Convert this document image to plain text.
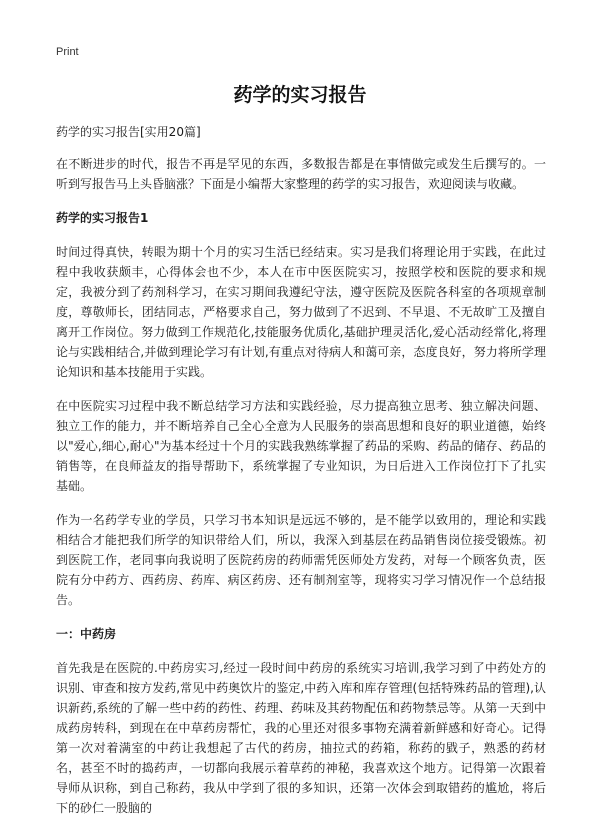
Print
药学的实习报告

药学的实习报告[实用20篇]

在不断进步的时代，报告不再是罕见的东西，多数报告都是在事情做完或发生后撰写的。一听到写报告马上头昏脑涨？下面是小编帮大家整理的药学的实习报告，欢迎阅读与收藏。

药学的实习报告1

时间过得真快，转眼为期十个月的实习生活已经结束。实习是我们将理论用于实践，在此过程中我收获颇丰，心得体会也不少，本人在市中医医院实习，按照学校和医院的要求和规定，我被分到了药剂科学习，在实习期间我遵纪守法，遵守医院及医院各科室的各项规章制度，尊敬师长，团结同志，严格要求自己，努力做到了不迟到、不早退、不无故旷工及擅自离开工作岗位。努力做到工作规范化,技能服务优质化,基础护理灵活化,爱心活动经常化,将理论与实践相结合,并做到理论学习有计划,有重点对待病人和蔼可亲，态度良好，努力将所学理论知识和基本技能用于实践。

在中医院实习过程中我不断总结学习方法和实践经验，尽力提高独立思考、独立解决问题、独立工作的能力，并不断培养自己全心全意为人民服务的崇高思想和良好的职业道德，始终以"爱心,细心,耐心"为基本经过十个月的实践我熟练掌握了药品的采购、药品的储存、药品的销售等，在良师益友的指导帮助下，系统掌握了专业知识，为日后进入工作岗位打下了扎实基础。

作为一名药学专业的学员，只学习书本知识是远远不够的，是不能学以致用的，理论和实践相结合才能把我们所学的知识带给人们，所以，我深入到基层在药品销售岗位接受锻炼。初到医院工作，老同事向我说明了医院药房的药师需凭医师处方发药，对每一个顾客负责，医院有分中药方、西药房、药库、病区药房、还有制剂室等，现将实习学习情况作一个总结报告。

一：中药房

首先我是在医院的.中药房实习,经过一段时间中药房的系统实习培训,我学习到了中药处方的识别、审查和按方发药,常见中药奥饮片的鉴定,中药入库和库存管理(包括特殊药品的管理),认识新药,系统的了解一些中药的药性、药理、药味及其药物配伍和药物禁忌等。从第一天到中成药房转科，到现在在中草药房帮忙，我的心里还对很多事物充满着新鲜感和好奇心。记得第一次对着满室的中药让我想起了古代的药房，抽拉式的药箱，称药的戥子，熟悉的药材名，甚至不时的捣药声，一切都向我展示着草药的神秘，我喜欢这个地方。记得第一次跟着导师从识称，到自己称药，我从中学到了很的多知识，还第一次体会到取错药的尴尬，将后下的砂仁一股脑的
